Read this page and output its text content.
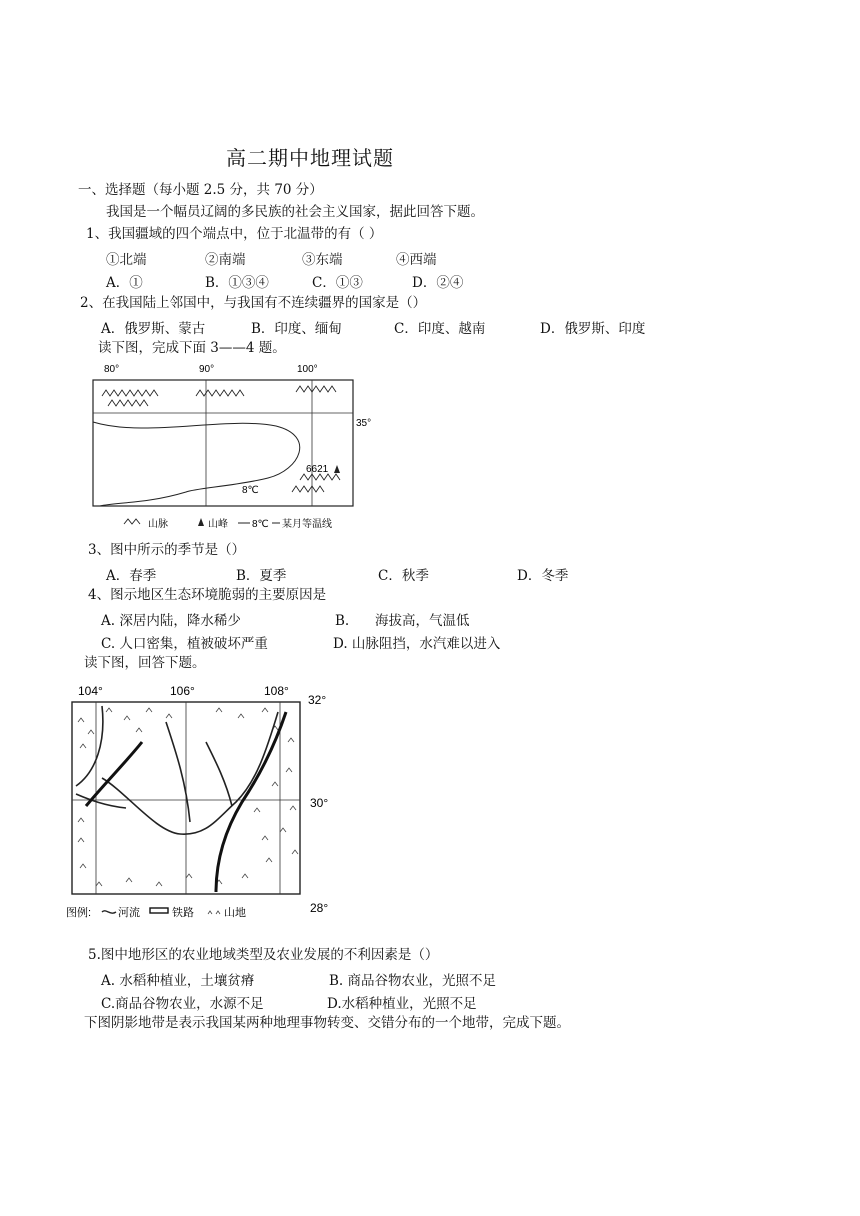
高二期中地理试题
一、选择题（每小题 2.5 分，共 70 分）
我国是一个幅员辽阔的多民族的社会主义国家，据此回答下题。
1、我国疆域的四个端点中，位于北温带的有（ ）
①北端	②南端	③东端	④西端
A．①	B．①③④	C．①③	D．②④
2、在我国陆上邻国中，与我国有不连续疆界的国家是（）
A．俄罗斯、蒙古	B．印度、缅甸	C．印度、越南	D．俄罗斯、印度
读下图，完成下面 3——4 题。
80°	90°	100°
35°
8℃
6621
山脉	山峰 8℃ 某月等温线
3、图中所示的季节是（）
A．春季	B．夏季	C．秋季	D．冬季
4、图示地区生态环境脆弱的主要原因是
A. 深居内陆，降水稀少	B.      海拔高，气温低
C. 人口密集，植被破坏严重	D. 山脉阻挡，水汽难以进入
读下图，回答下题。
104°	106°	108°
32°
30°
28°
图例: 河流	铁路	山地
5.图中地形区的农业地域类型及农业发展的不利因素是（）
A. 水稻种植业，土壤贫瘠	B. 商品谷物农业，光照不足
C.商品谷物农业，水源不足	D.水稻种植业，光照不足
下图阴影地带是表示我国某两种地理事物转变、交错分布的一个地带，完成下题。
